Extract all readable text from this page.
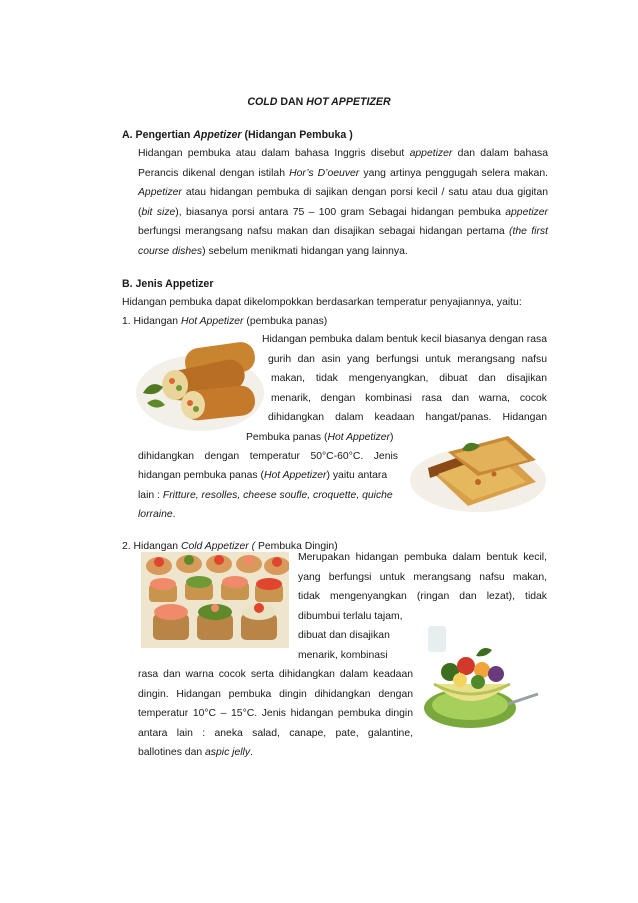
COLD DAN HOT APPETIZER
A. Pengertian Appetizer (Hidangan Pembuka )
Hidangan pembuka atau dalam bahasa Inggris disebut appetizer dan dalam bahasa
Perancis dikenal dengan istilah Hor’s D’oeuver yang artinya penggugah selera makan.
Appetizer atau hidangan pembuka di sajikan dengan porsi kecil / satu atau dua gigitan
(bit size), biasanya porsi antara 75 – 100 gram Sebagai hidangan pembuka appetizer
berfungsi merangsang nafsu makan dan disajikan sebagai hidangan pertama (the first
course dishes) sebelum menikmati hidangan yang lainnya.
B. Jenis Appetizer
Hidangan pembuka dapat dikelompokkan berdasarkan temperatur penyajiannya, yaitu:
1. Hidangan Hot Appetizer (pembuka panas)
Hidangan pembuka dalam bentuk kecil biasanya dengan rasa
gurih dan asin yang berfungsi untuk merangsang nafsu
makan, tidak mengenyangkan, dibuat dan disajikan
menarik, dengan kombinasi rasa dan warna, cocok
dihidangkan dalam keadaan hangat/panas. Hidangan
Pembuka panas (Hot Appetizer)
dihidangkan dengan temperatur 50°C-60°C. Jenis
hidangan pembuka panas (Hot Appetizer) yaitu antara
lain : Fritture, resolles, cheese soufle, croquette, quiche
lorraine.
2. Hidangan Cold Appetizer ( Pembuka Dingin)
Merupakan hidangan pembuka dalam bentuk kecil,
yang berfungsi untuk merangsang nafsu makan,
tidak mengenyangkan (ringan dan lezat), tidak
dibumbui terlalu tajam,
dibuat dan disajikan
menarik, kombinasi
rasa dan warna cocok serta dihidangkan dalam keadaan
dingin. Hidangan pembuka dingin dihidangkan dengan
temperatur 10°C – 15°C. Jenis hidangan pembuka dingin
antara lain : aneka salad, canape, pate, galantine,
ballotines dan aspic jelly.
